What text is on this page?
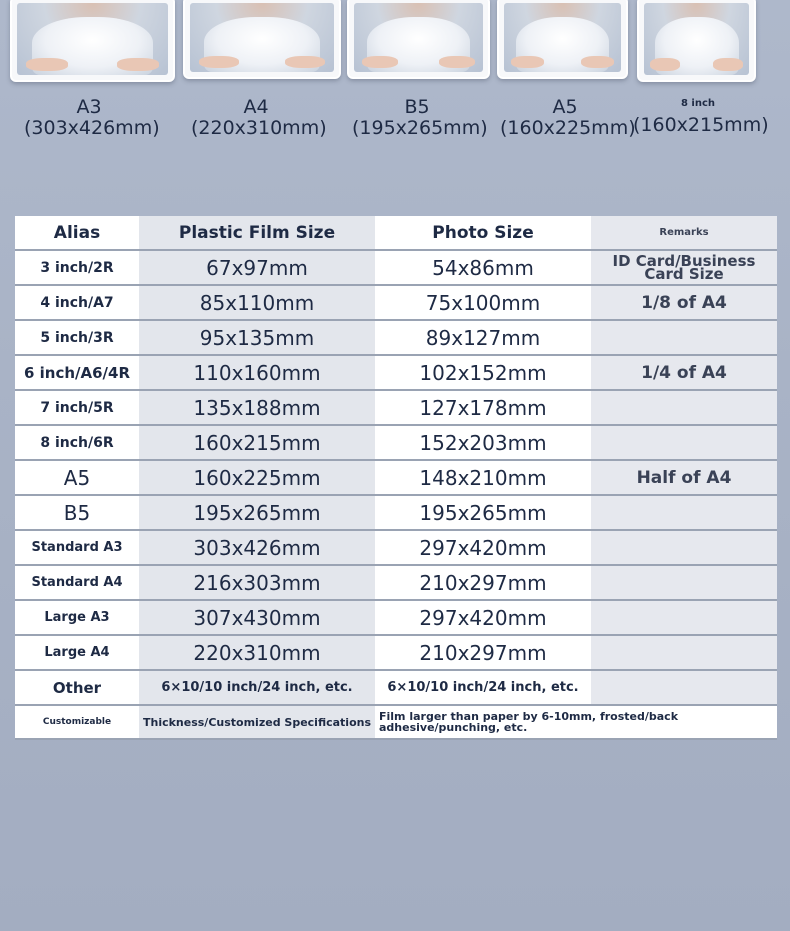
A3
(303x426mm)
A4
(220x310mm)
B5
(195x265mm)
A5
(160x225mm)
8 inch
(160x215mm)
Alias	Plastic Film Size	Photo Size	Remarks
3 inch/2R	67x97mm	54x86mm	ID Card/Business Card Size
4 inch/A7	85x110mm	75x100mm	1/8 of A4
5 inch/3R	95x135mm	89x127mm	
6 inch/A6/4R	110x160mm	102x152mm	1/4 of A4
7 inch/5R	135x188mm	127x178mm	
8 inch/6R	160x215mm	152x203mm	
A5	160x225mm	148x210mm	Half of A4
B5	195x265mm	195x265mm	
Standard A3	303x426mm	297x420mm	
Standard A4	216x303mm	210x297mm	
Large A3	307x430mm	297x420mm	
Large A4	220x310mm	210x297mm	
Other	6×10/10 inch/24 inch, etc.	6×10/10 inch/24 inch, etc.	
Customizable	Thickness/Customized Specifications	Film larger than paper by 6-10mm, frosted/back adhesive/punching, etc.	
